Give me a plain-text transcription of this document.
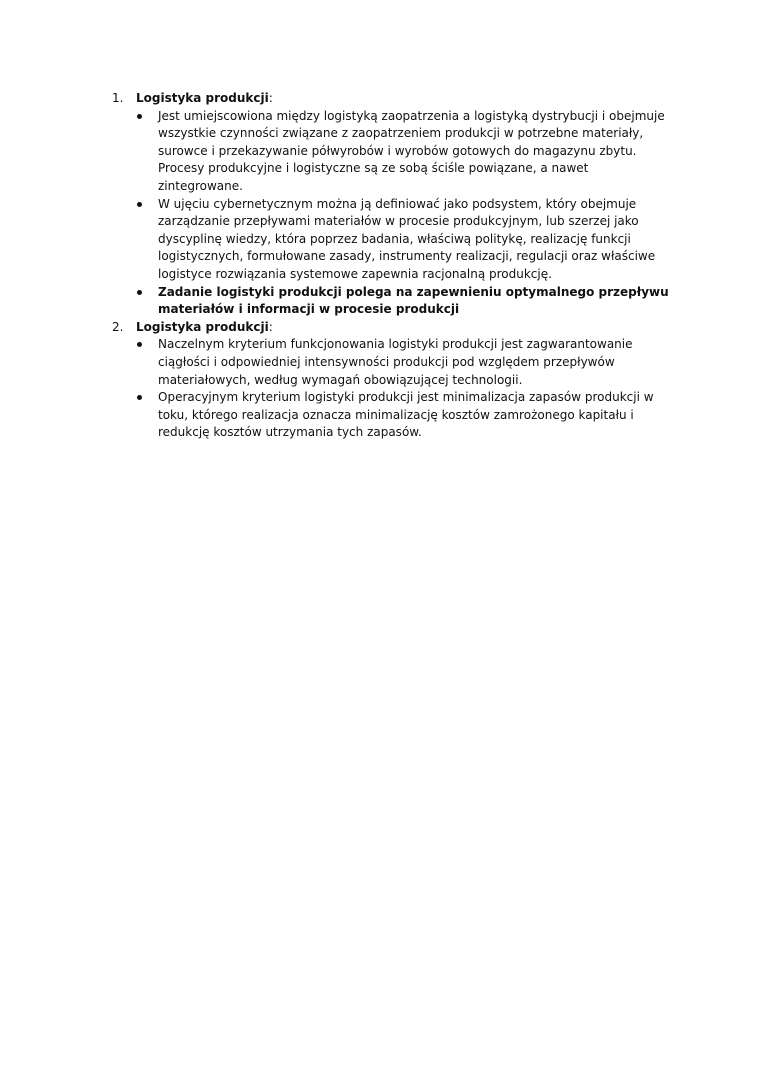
1.	Logistyka produkcji:
Jest umiejscowiona między logistyką zaopatrzenia a logistyką dystrybucji i obejmuje wszystkie czynności związane z zaopatrzeniem produkcji w potrzebne materiały, surowce i przekazywanie półwyrobów i wyrobów gotowych do magazynu zbytu. Procesy produkcyjne i logistyczne są ze sobą ściśle powiązane, a nawet zintegrowane.
W ujęciu cybernetycznym można ją definiować jako podsystem, który obejmuje zarządzanie przepływami materiałów w procesie produkcyjnym, lub szerzej jako dyscyplinę wiedzy, która poprzez badania, właściwą politykę, realizację funkcji logistycznych, formułowane zasady, instrumenty realizacji, regulacji oraz właściwe logistyce rozwiązania systemowe zapewnia racjonalną produkcję.
Zadanie logistyki produkcji polega na zapewnieniu optymalnego przepływu materiałów i informacji w procesie produkcji
2.	Logistyka produkcji:
Naczelnym kryterium funkcjonowania logistyki produkcji jest zagwarantowanie ciągłości i odpowiedniej intensywności produkcji pod względem przepływów materiałowych, według wymagań obowiązującej technologii.
Operacyjnym kryterium logistyki produkcji jest minimalizacja zapasów produkcji w toku, którego realizacja oznacza minimalizację kosztów zamrożonego kapitału i redukcję kosztów utrzymania tych zapasów.
